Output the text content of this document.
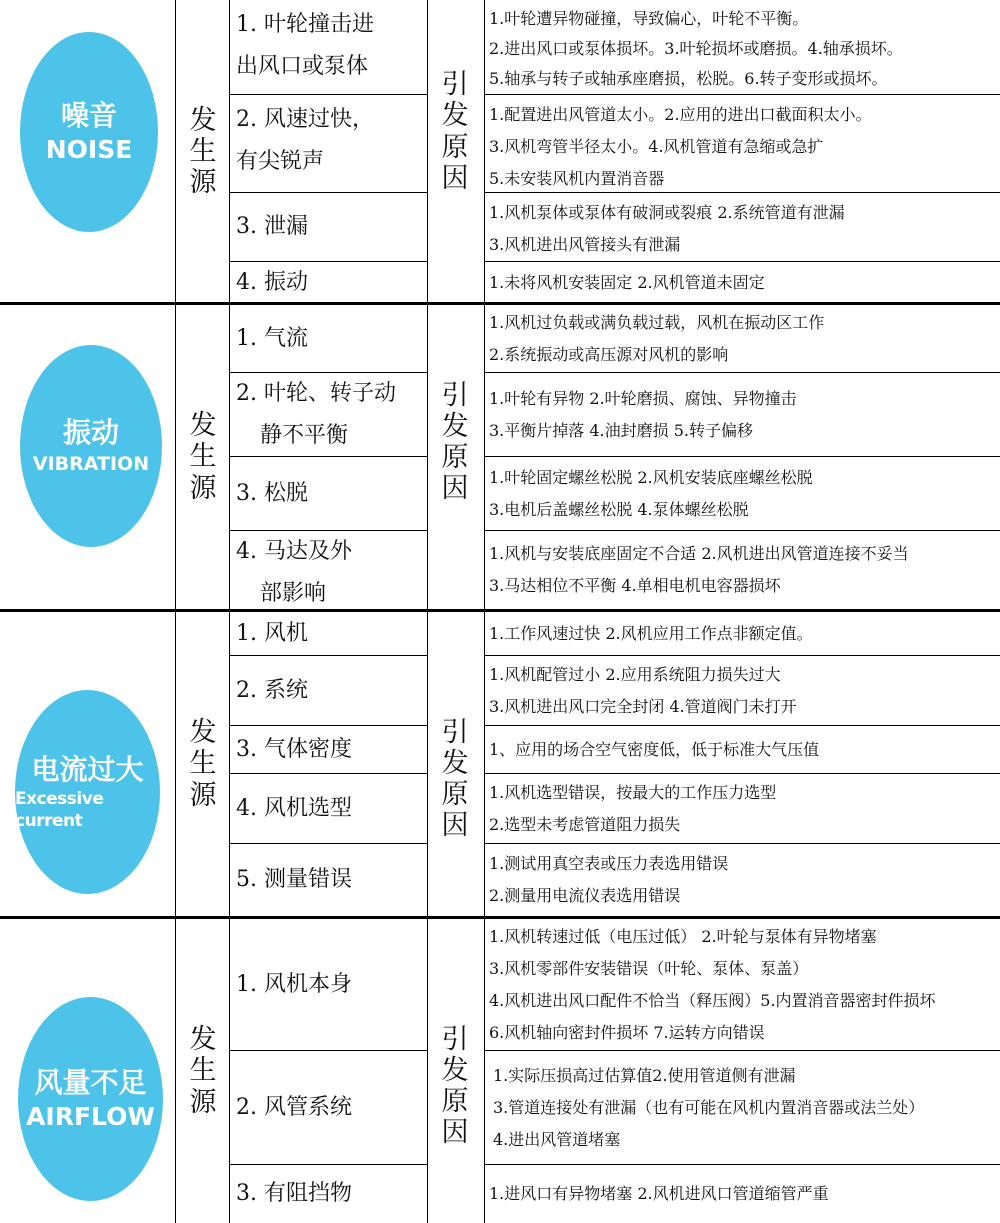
噪音
NOISE
发
生
源
引
发
原
因
1. 叶轮撞击进
出风口或泵体
2. 风速过快，
有尖锐声
3. 泄漏
4. 振动
1.叶轮遭异物碰撞，导致偏心，叶轮不平衡。
2.进出风口或泵体损坏。3.叶轮损坏或磨损。4.轴承损坏。
5.轴承与转子或轴承座磨损，松脱。6.转子变形或损坏。
1.配置进出风管道太小。2.应用的进出口截面积太小。
3.风机弯管半径太小。4.风机管道有急缩或急扩
5.未安装风机内置消音器
1.风机泵体或泵体有破洞或裂痕 2.系统管道有泄漏
3.风机进出风管接头有泄漏
1.未将风机安装固定 2.风机管道未固定
振动
VIBRATION
发
生
源
引
发
原
因
1. 气流
2. 叶轮、转子动
静不平衡
3. 松脱
4. 马达及外
部影响
1.风机过负载或满负载过载，风机在振动区工作
2.系统振动或高压源对风机的影响
1.叶轮有异物 2.叶轮磨损、腐蚀、异物撞击
3.平衡片掉落 4.油封磨损 5.转子偏移
1.叶轮固定螺丝松脱 2.风机安装底座螺丝松脱
3.电机后盖螺丝松脱 4.泵体螺丝松脱
1.风机与安装底座固定不合适 2.风机进出风管道连接不妥当
3.马达相位不平衡 4.单相电机电容器损坏
电流过大
Excessive current
发
生
源
引
发
原
因
1. 风机
2. 系统
3. 气体密度
4. 风机选型
5. 测量错误
1.工作风速过快 2.风机应用工作点非额定值。
1.风机配管过小 2.应用系统阻力损失过大
3.风机进出风口完全封闭 4.管道阀门未打开
1、应用的场合空气密度低，低于标准大气压值
1.风机选型错误，按最大的工作压力选型
2.选型未考虑管道阻力损失
1.测试用真空表或压力表选用错误
2.测量用电流仪表选用错误
风量不足
AIRFLOW
发
生
源
引
发
原
因
1. 风机本身
2. 风管系统
3. 有阻挡物
1.风机转速过低（电压过低） 2.叶轮与泵体有异物堵塞
3.风机零部件安装错误（叶轮、泵体、泵盖）
4.风机进出风口配件不恰当（释压阀）5.内置消音器密封件损坏
6.风机轴向密封件损坏 7.运转方向错误
1.实际压损高过估算值2.使用管道侧有泄漏
3.管道连接处有泄漏（也有可能在风机内置消音器或法兰处）
4.进出风管道堵塞
1.进风口有异物堵塞 2.风机进风口管道缩管严重
